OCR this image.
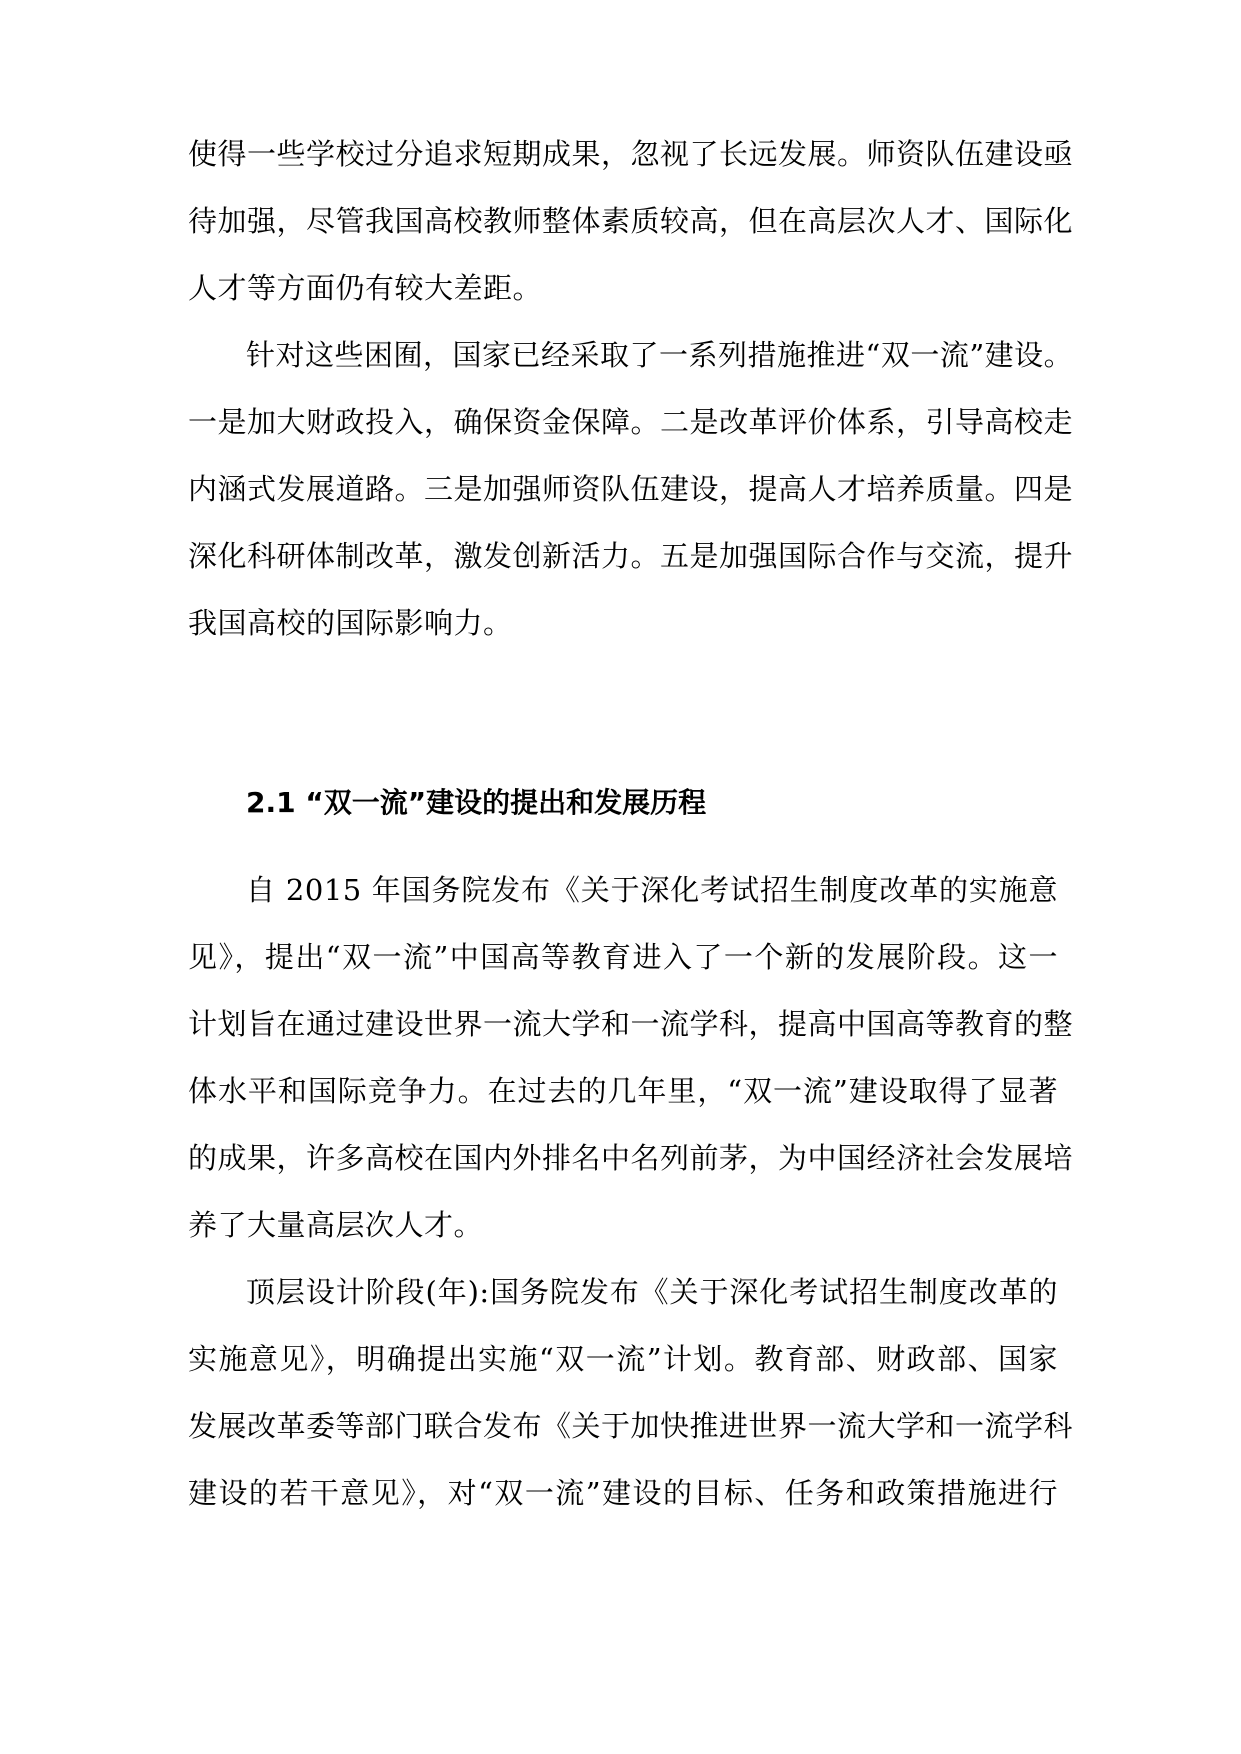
使得一些学校过分追求短期成果，忽视了长远发展。师资队伍建设亟
待加强，尽管我国高校教师整体素质较高，但在高层次人才、国际化
人才等方面仍有较大差距。
针对这些困囿，国家已经采取了一系列措施推进“双一流”建设。
一是加大财政投入，确保资金保障。二是改革评价体系，引导高校走
内涵式发展道路。三是加强师资队伍建设，提高人才培养质量。四是
深化科研体制改革，激发创新活力。五是加强国际合作与交流，提升
我国高校的国际影响力。
2.1 “双一流”建设的提出和发展历程
自 2015 年国务院发布《关于深化考试招生制度改革的实施意
见》，提出“双一流”中国高等教育进入了一个新的发展阶段。这一
计划旨在通过建设世界一流大学和一流学科，提高中国高等教育的整
体水平和国际竞争力。在过去的几年里，“双一流”建设取得了显著
的成果，许多高校在国内外排名中名列前茅，为中国经济社会发展培
养了大量高层次人才。
顶层设计阶段(年):国务院发布《关于深化考试招生制度改革的
实施意见》，明确提出实施“双一流”计划。教育部、财政部、国家
发展改革委等部门联合发布《关于加快推进世界一流大学和一流学科
建设的若干意见》，对“双一流”建设的目标、任务和政策措施进行
